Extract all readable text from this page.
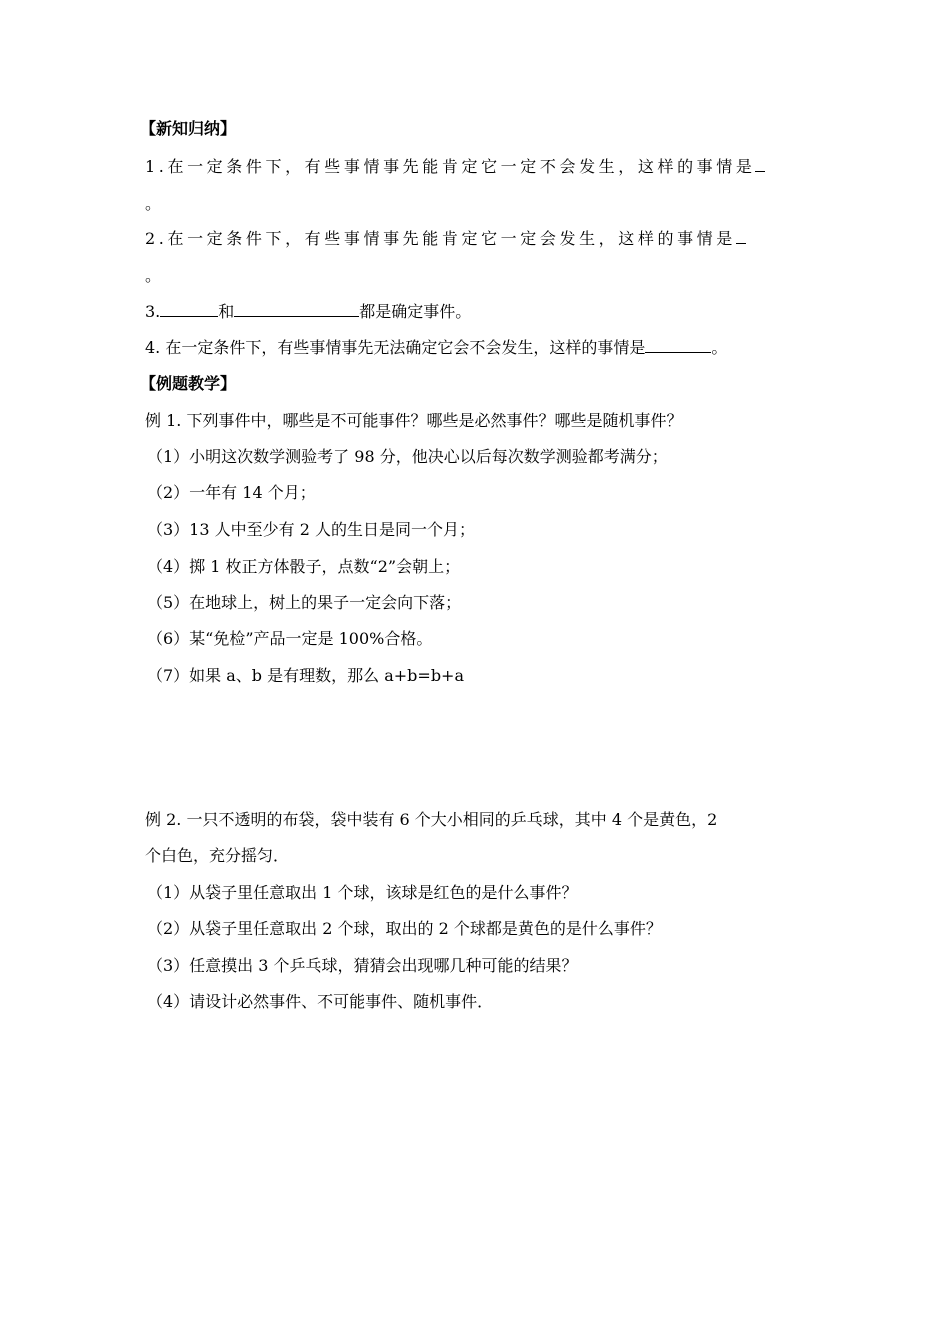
【新知归纳】
1.在一定条件下，有些事情事先能肯定它一定不会发生，这样的事情是
。
2.在一定条件下，有些事情事先能肯定它一定会发生，这样的事情是
。
3.	和	都是确定事件。
4. 在一定条件下，有些事情事先无法确定它会不会发生，这样的事情是	。
【例题教学】
例 1. 下列事件中，哪些是不可能事件？哪些是必然事件？哪些是随机事件？
（1）小明这次数学测验考了 98 分，他决心以后每次数学测验都考满分；
（2）一年有 14 个月；
（3）13 人中至少有 2 人的生日是同一个月；
（4）掷 1 枚正方体骰子，点数“2”会朝上；
（5）在地球上，树上的果子一定会向下落；
（6）某“免检”产品一定是 100%合格。
（7）如果 a、b 是有理数，那么 a+b=b+a
例 2. 一只不透明的布袋，袋中装有 6 个大小相同的乒乓球，其中 4 个是黄色，2
个白色，充分摇匀．
（1）从袋子里任意取出 1 个球，该球是红色的是什么事件？
（2）从袋子里任意取出 2 个球，取出的 2 个球都是黄色的是什么事件？
（3）任意摸出 3 个乒乓球，猜猜会出现哪几种可能的结果？
（4）请设计必然事件、不可能事件、随机事件．
